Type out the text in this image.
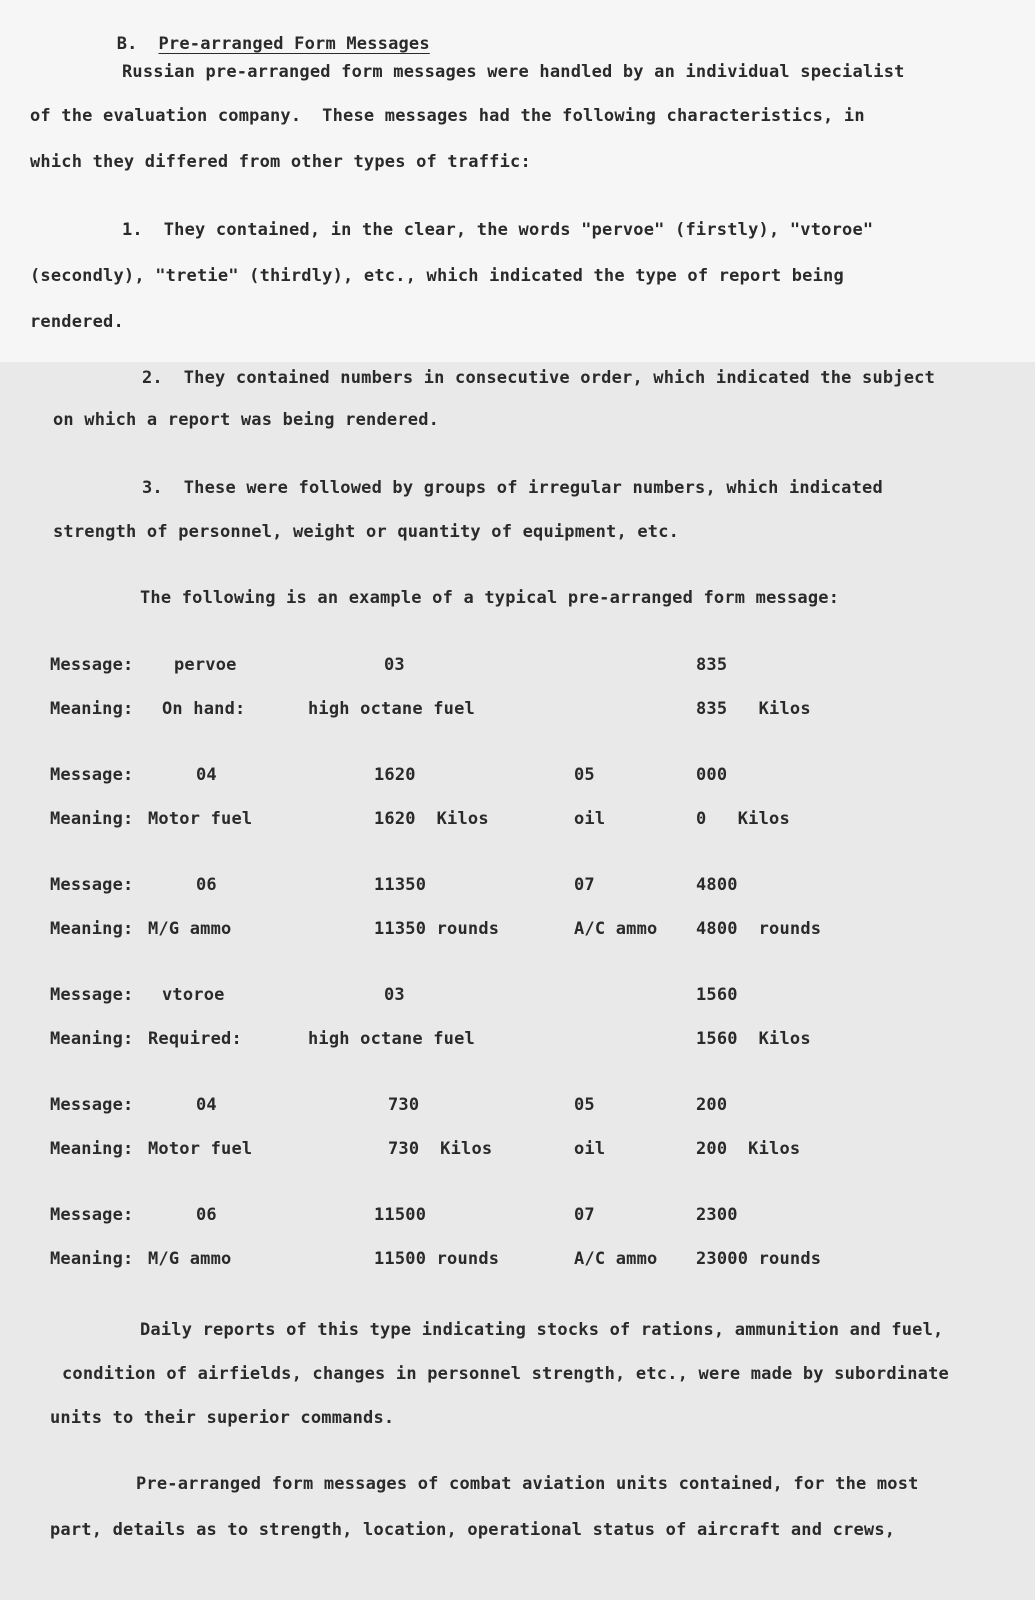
B. Pre-arranged Form Messages

Russian pre-arranged form messages were handled by an individual specialist
of the evaluation company.  These messages had the following characteristics, in
which they differed from other types of traffic:
1.  They contained, in the clear, the words "pervoe" (firstly), "vtoroe"
(secondly), "tretie" (thirdly), etc., which indicated the type of report being
rendered.
2.  They contained numbers in consecutive order, which indicated the subject
on which a report was being rendered.
3.  These were followed by groups of irregular numbers, which indicated
strength of personnel, weight or quantity of equipment, etc.
The following is an example of a typical pre-arranged form message:
Message: pervoe	03	835
Meaning: On hand:	high octane fuel	835   Kilos
Message:	04	1620	05	000
Meaning: Motor fuel	1620  Kilos	oil	0   Kilos
Message:	06	11350	07	4800
Meaning: M/G ammo	11350 rounds	A/C ammo 4800  rounds
Message: vtoroe	03	1560
Meaning: Required:	high octane fuel	1560  Kilos
Message:	04	730	05	200
Meaning: Motor fuel	730  Kilos	oil	200  Kilos
Message:	06	11500	07	2300
Meaning: M/G ammo	11500 rounds	A/C ammo 23000 rounds
Daily reports of this type indicating stocks of rations, ammunition and fuel,
condition of airfields, changes in personnel strength, etc., were made by subordinate
units to their superior commands.
Pre-arranged form messages of combat aviation units contained, for the most
part, details as to strength, location, operational status of aircraft and crews,
